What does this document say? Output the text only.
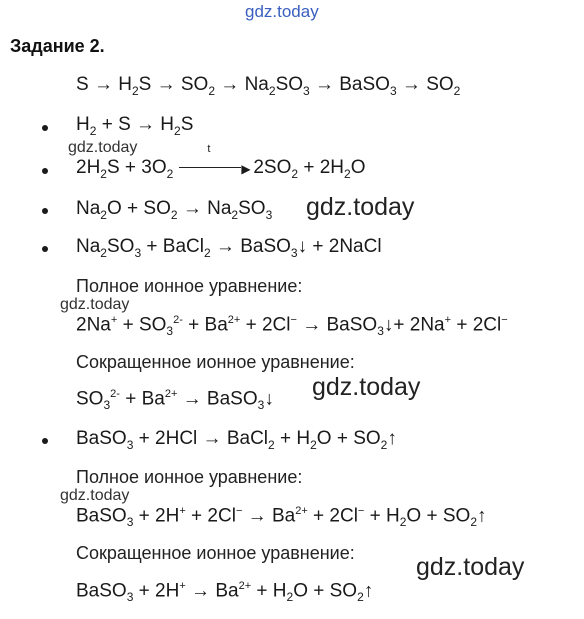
gdz.today
Задание 2.
$S \to H_2S \to SO_2 \to Na_2SO_3$ → BaSO$_3$ → $SO_2$
$H_2 + S \to H_2S$
gdz.today
$2H_2S + 3O_2$
t
▶ $2SO_2 + 2H_2O$
$Na_2O + SO_2 \to Na_2SO_3$ gdz.today
$Na_2SO_3$ + BaCl$_2$ → BaSO$_3$↓ + 2NaCl
Полное ионное уравнение:
gdz.today
$2Na^+ + SO_3^{2-} + Ba^{2+} + 2Cl^-$ → BaSO$_3$↓+ 2Na+ + 2Cl−
Сокращенное ионное уравнение:
$SO_3^{2-} + Ba^{2+}$ → BaSO$_3$↓ gdz.today
BaSO$_3$ + 2HCl → BaCl$_2$ + $H_2O$ + $SO_2↑$
Полное ионное уравнение:
gdz.today
BaSO$_3$ + $2H^+ + 2Cl^- \to Ba^{2+} + 2Cl^- + H_2O$ + $SO_2↑$
Сокращенное ионное уравнение: gdz.today
BaSO$_3$ + $2H^+ \to Ba^{2+} + H_2O$ + $SO_2↑$
